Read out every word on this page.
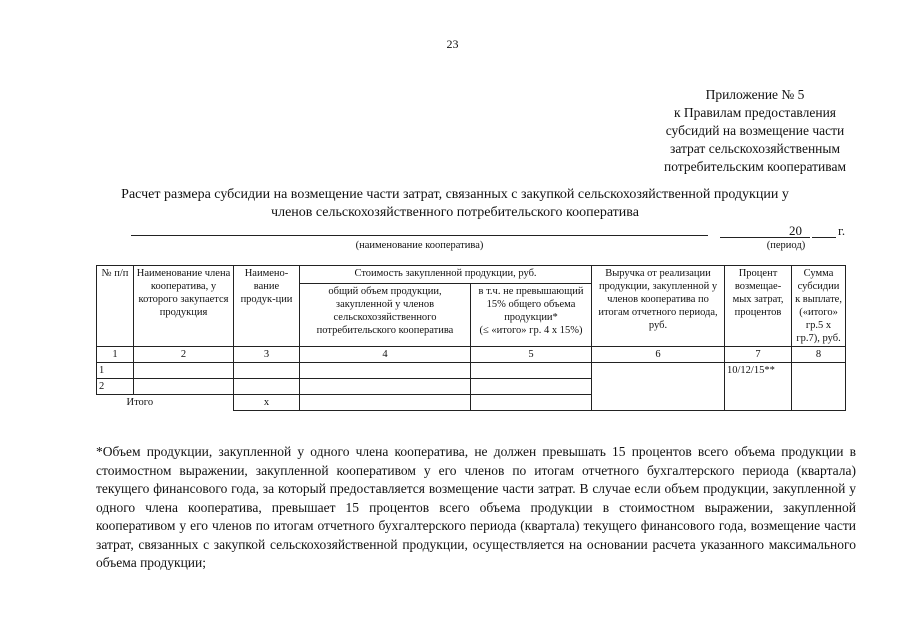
23
Приложение № 5
к Правилам предоставления
субсидий на возмещение части
затрат сельскохозяйственным
потребительским кооперативам
Расчет размера субсидии на возмещение части затрат, связанных с закупкой сельскохозяйственной продукции у
членов сельскохозяйственного потребительского кооператива
(наименование кооператива)
20	г.
(период)
№ п/п	Наименование члена кооператива, у которого закупается продукция	Наимено-вание продук-ции	Стоимость закупленной продукции, руб.		Выручка от реализации продукции, закупленной у членов кооператива по итогам отчетного периода, руб.	Процент возмещае-мых затрат, процентов	Сумма субсидии к выплате, («итого» гр.5 х гр.7), руб.
			общий объем продукции, закупленной у членов сельскохозяйственного потребительского кооператива	в т.ч. не превышающий 15% общего объема продукции*
(≤ «итого» гр. 4 х 15%)			

1	2	3	4	5	6	7	8
1						10/12/15**	
2							
Итого		х					
*Объем продукции, закупленной у одного члена кооператива, не должен превышать 15 процентов всего объема продукции в стоимостном выражении, закупленной кооперативом у его членов по итогам отчетного бухгалтерского периода (квартала) текущего финансового года, за который предоставляется возмещение части затрат. В случае если объем продукции, закупленной у одного члена кооператива, превышает 15 процентов всего объема продукции в стоимостном выражении, закупленной кооперативом у его членов по итогам отчетного бухгалтерского периода (квартала) текущего финансового года, возмещение части затрат, связанных с закупкой сельскохозяйственной продукции, осуществляется на основании расчета указанного максимального объема продукции;
